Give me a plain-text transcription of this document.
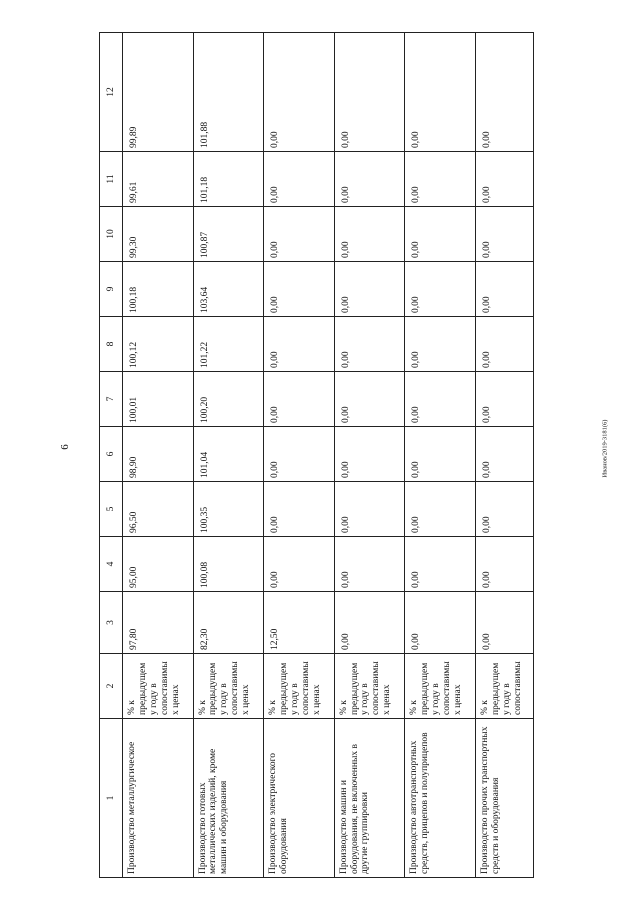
6	Иванов/2019-3181(6)
1	2	3	4	5	6	7	8	9	10	11	12
Производство металлургическое	% к предыдущем у году в сопоставимы х ценах	97,80	95,00	96,50	98,90	100,01	100,12	100,18	99,30	99,61	99,89
Производство готовых металлических изделий, кроме машин и оборудования	% к предыдущем у году в сопоставимы х ценах	82,30	100,08	100,35	101,04	100,20	101,22	103,64	100,87	101,18	101,88
Производство электрического оборудования	% к предыдущем у году в сопоставимы х ценах	12,50	0,00	0,00	0,00	0,00	0,00	0,00	0,00	0,00	0,00
Производство машин и оборудования, не включенных в другие группировки	% к предыдущем у году в сопоставимы х ценах	0,00	0,00	0,00	0,00	0,00	0,00	0,00	0,00	0,00	0,00
Производство автотранспортных средств, прицепов и полуприцепов	% к предыдущем у году в сопоставимы х ценах	0,00	0,00	0,00	0,00	0,00	0,00	0,00	0,00	0,00	0,00
Производство прочих транспортных средств и оборудования	% к предыдущем у году в сопоставимы	0,00	0,00	0,00	0,00	0,00	0,00	0,00	0,00	0,00	0,00
